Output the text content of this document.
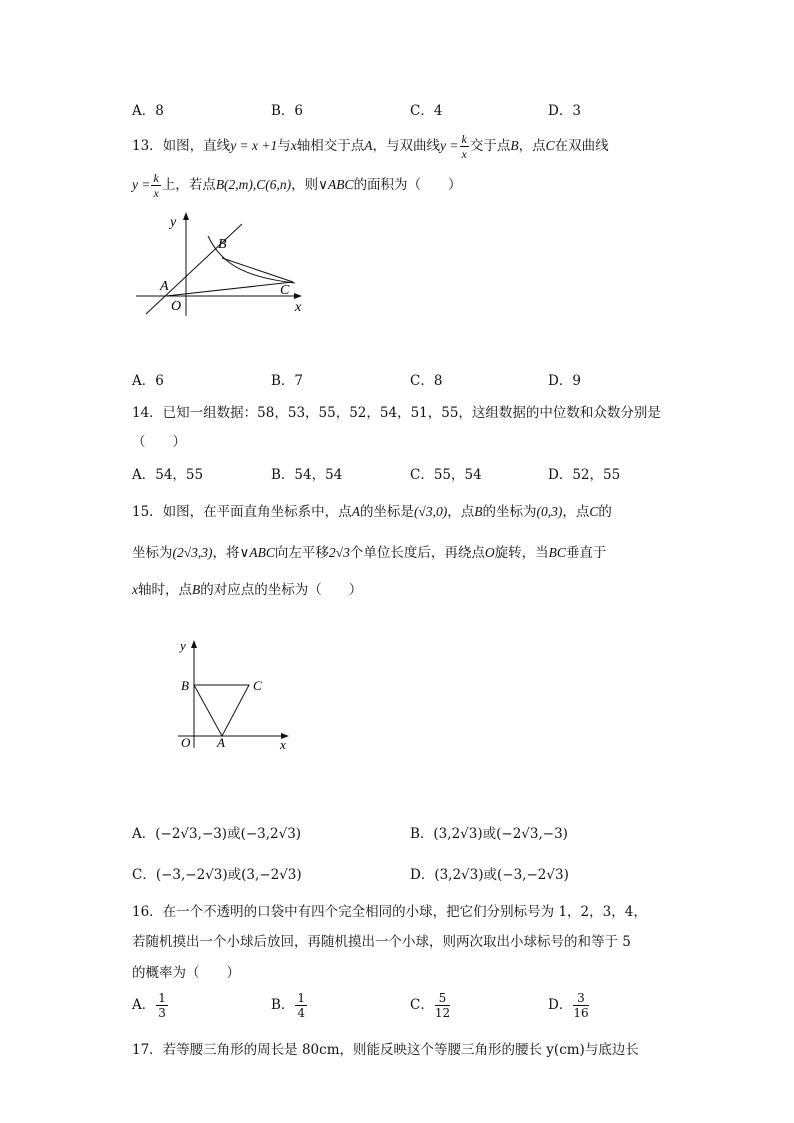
A．8	B．6	C．4	D．3
13．如图，直线y = x +1与x轴相交于点A，与双曲线$y = \frac{k}{x}$ 交于点B，点C在双曲线
$y = \frac{k}{x}$ 上，若点B(2,m),C(6,n)，则∨ABC的面积为（　　）
y
B
A	C
O	x
A．6	B．7	C．8	D．9
14．已知一组数据：58，53，55，52，54，51，55，这组数据的中位数和众数分别是
（　　）
A．54，55	B．54，54	C．55，54	D．52，55
15．如图，在平面直角坐标系中，点A的坐标是(√3,0)，点B的坐标为(0,3)，点C的
坐标为(2√3,3)，将∨ABC向左平移2√3个单位长度后，再绕点O旋转，当BC垂直于
x轴时，点B的对应点的坐标为（　　）
y
B	C
O A	x
A．(−2√3,−3)或(−3,2√3)	B．(3,2√3)或(−2√3,−3)
C．(−3,−2√3)或(3,−2√3)	D．(3,2√3)或(−3,−2√3)
16．在一个不透明的口袋中有四个完全相同的小球，把它们分别标号为 1，2，3，4，
若随机摸出一个小球后放回，再随机摸出一个小球，则两次取出小球标号的和等于 5
的概率为（　　）
A． $\frac{1}{3}$	B． $\frac{1}{4}$	C． $\frac{5}{12}$	D． $\frac{3}{16}$
17．若等腰三角形的周长是 80cm，则能反映这个等腰三角形的腰长 y(cm)与底边长
